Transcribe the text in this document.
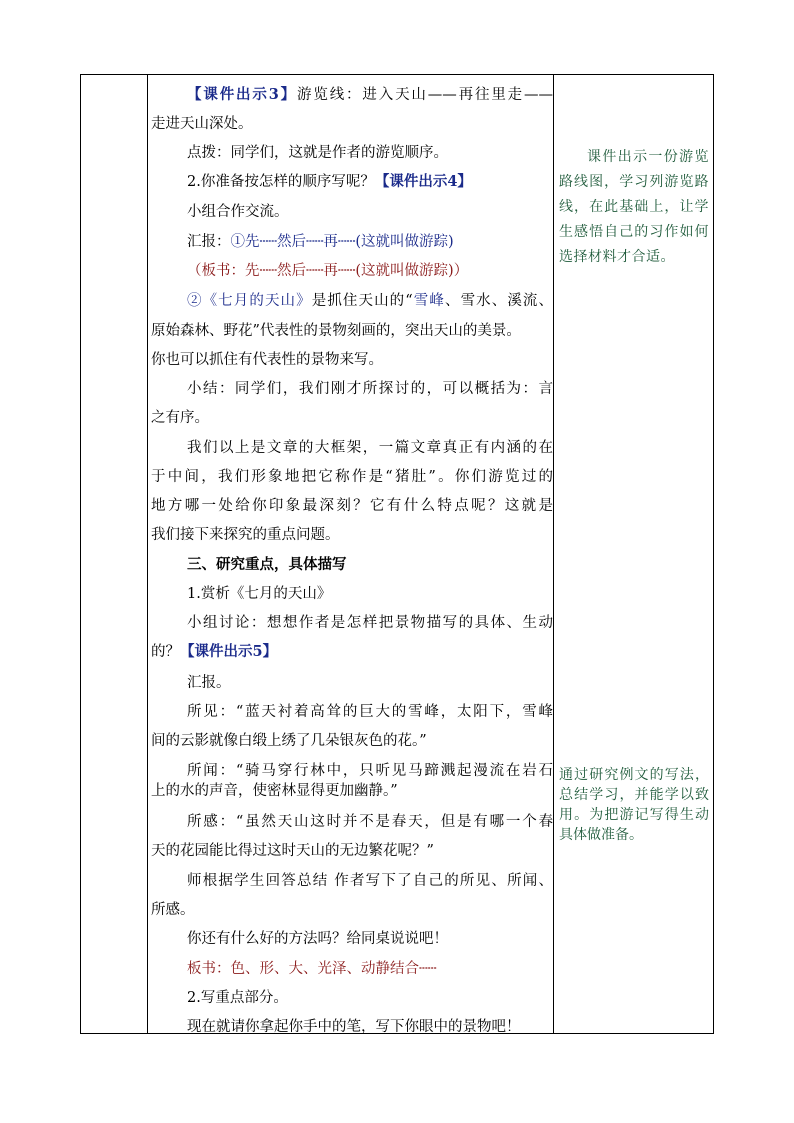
【课件出示3】游览线：进入天山——再往里走——
走进天山深处。
点拨：同学们，这就是作者的游览顺序。
2.你准备按怎样的顺序写呢？【课件出示4】
小组合作交流。
汇报：①先┄┄然后┄┄再┄┄(这就叫做游踪)
（板书：先┄┄然后┄┄再┄┄(这就叫做游踪)）
②《七月的天山》是抓住天山的“雪峰、雪水、溪流、
原始森林、野花”代表性的景物刻画的，突出天山的美景。
你也可以抓住有代表性的景物来写。
小结：同学们，我们刚才所探讨的，可以概括为：言
之有序。
我们以上是文章的大框架，一篇文章真正有内涵的在
于中间，我们形象地把它称作是“猪肚”。你们游览过的
地方哪一处给你印象最深刻？它有什么特点呢？这就是
我们接下来探究的重点问题。
三、研究重点，具体描写
1.赏析《七月的天山》
小组讨论：想想作者是怎样把景物描写的具体、生动
的？【课件出示5】
汇报。
所见：“蓝天衬着高耸的巨大的雪峰，太阳下，雪峰
间的云影就像白缎上绣了几朵银灰色的花。”
所闻：“骑马穿行林中，只听见马蹄溅起漫流在岩石
上的水的声音，使密林显得更加幽静。”
所感：“虽然天山这时并不是春天，但是有哪一个春
天的花园能比得过这时天山的无边繁花呢？”
师根据学生回答总结 作者写下了自己的所见、所闻、
所感。
你还有什么好的方法吗？给同桌说说吧！
板书：色、形、大、光泽、动静结合┄┄
2.写重点部分。
现在就请你拿起你手中的笔，写下你眼中的景物吧！

课件出示一份游览路线图，学习列游览路线，在此基础上，让学生感悟自己的习作如何选择材料才合适。

通过研究例文的写法，总结学习，并能学以致用。为把游记写得生动具体做准备。
